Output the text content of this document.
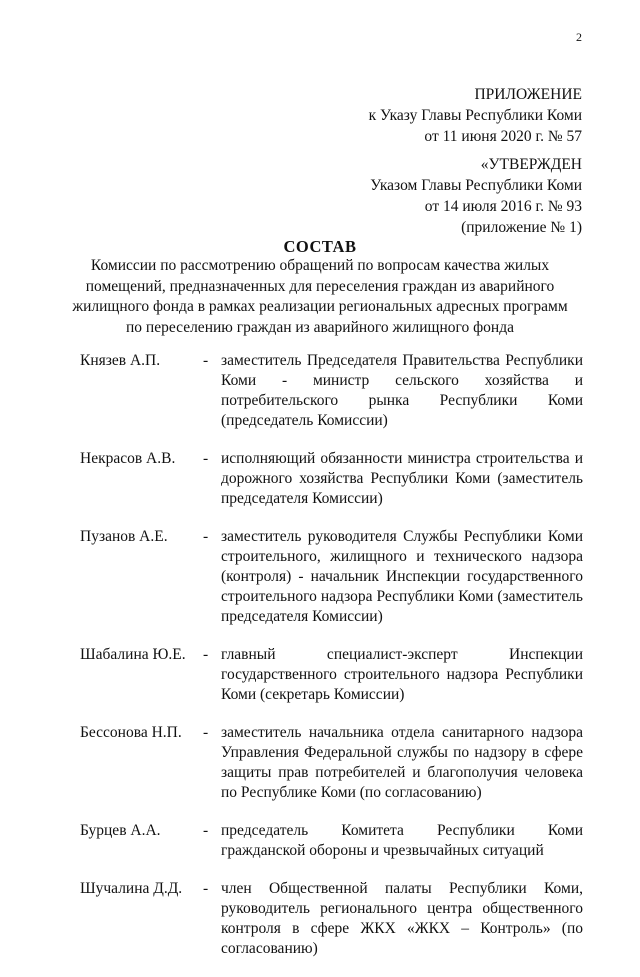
2
ПРИЛОЖЕНИЕ
к Указу Главы Республики Коми
от 11 июня 2020 г. № 57
«УТВЕРЖДЕН
Указом Главы Республики Коми
от 14 июля 2016 г. № 93
(приложение № 1)
СОСТАВ
Комиссии по рассмотрению обращений по вопросам качества жилых
помещений, предназначенных для переселения граждан из аварийного
жилищного фонда в рамках реализации региональных адресных программ
по переселению граждан из аварийного жилищного фонда
Князев А.П.	- заместитель Председателя Правительства Республики Коми - министр сельского хозяйства и потребительского рынка Республики Коми (председатель Комиссии)
Некрасов А.В. - исполняющий обязанности министра строительства и дорожного хозяйства Республики Коми (заместитель председателя Комиссии)
Пузанов А.Е. - заместитель руководителя Службы Республики Коми строительного, жилищного и технического надзора (контроля) - начальник Инспекции государственного строительного надзора Республики Коми (заместитель председателя Комиссии)
Шабалина Ю.Е. - главный специалист-эксперт Инспекции государственного строительного надзора Республики Коми (секретарь Комиссии)
Бессонова Н.П. - заместитель начальника отдела санитарного надзора Управления Федеральной службы по надзору в сфере защиты прав потребителей и благополучия человека по Республике Коми (по согласованию)
Бурцев А.А.	- председатель Комитета Республики Коми гражданской обороны и чрезвычайных ситуаций
Шучалина Д.Д. - член Общественной палаты Республики Коми, руководитель регионального центра общественного контроля в сфере ЖКХ «ЖКХ – Контроль» (по согласованию)
